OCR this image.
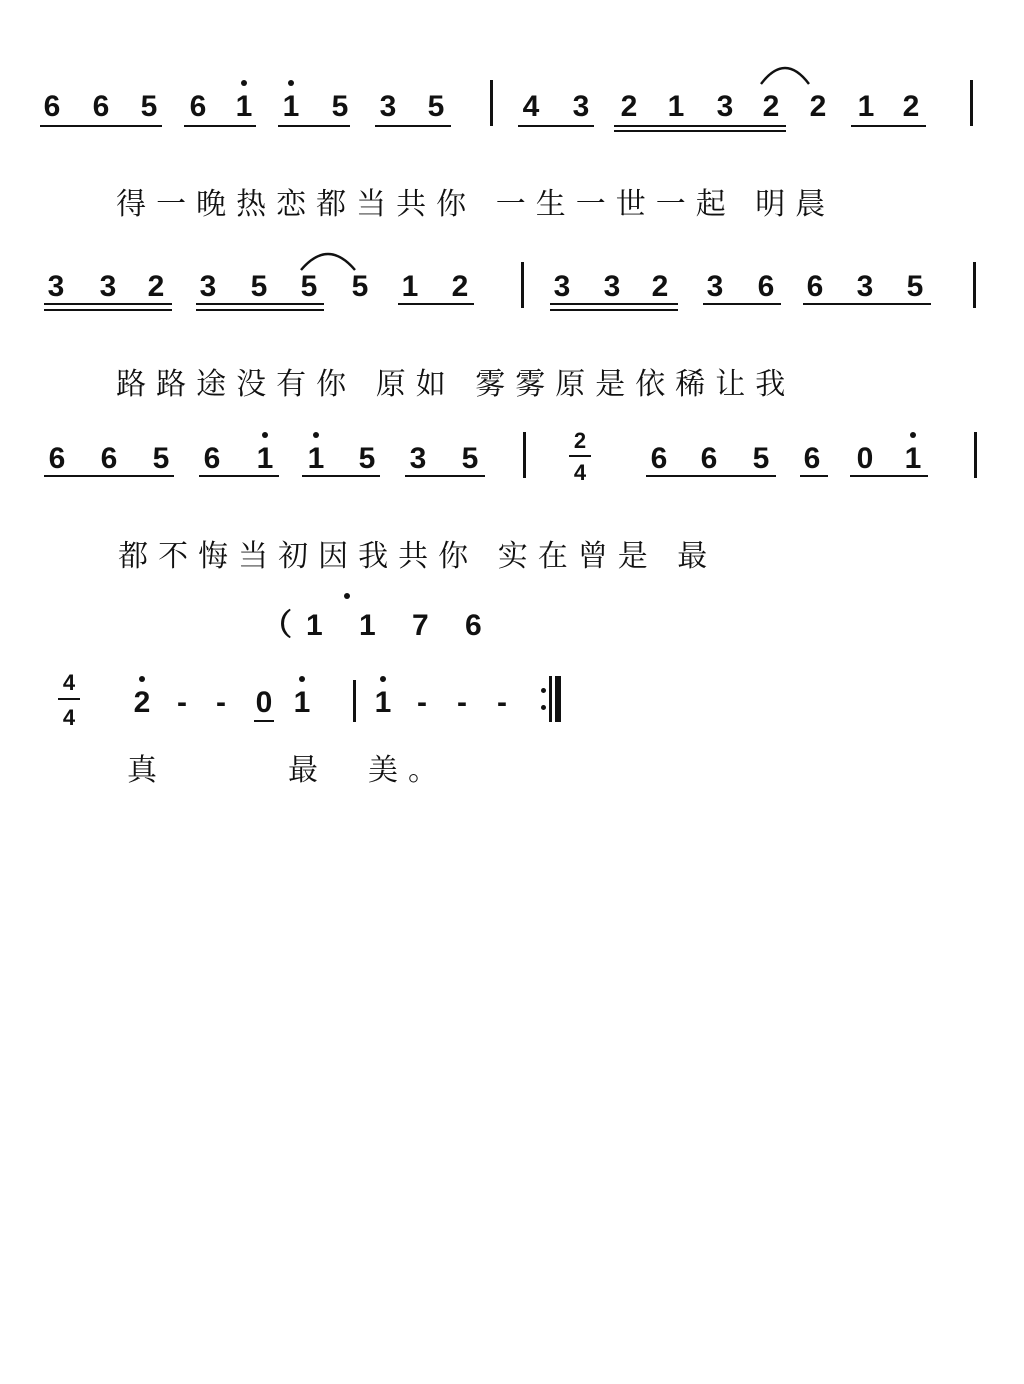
6 6 5 6 1 1 5 3 5	4 3 2 1 3 2 2 1 2

得一晚热恋都当共你 一生一世一起 明晨

3 3 2 3 5 5 5 1 2	3 3 2 3 6 6 3 5

路路途没有你 原如 雾雾原是依稀让我

6 6 5 6 1 1 5 3 5
2
4 6 6 5 6 0 1

都不悔当初因我共你 实在曾是 最

（1 1 7 6
4
4 2 - - 0 1 1 -	-	-
真	最 美。
